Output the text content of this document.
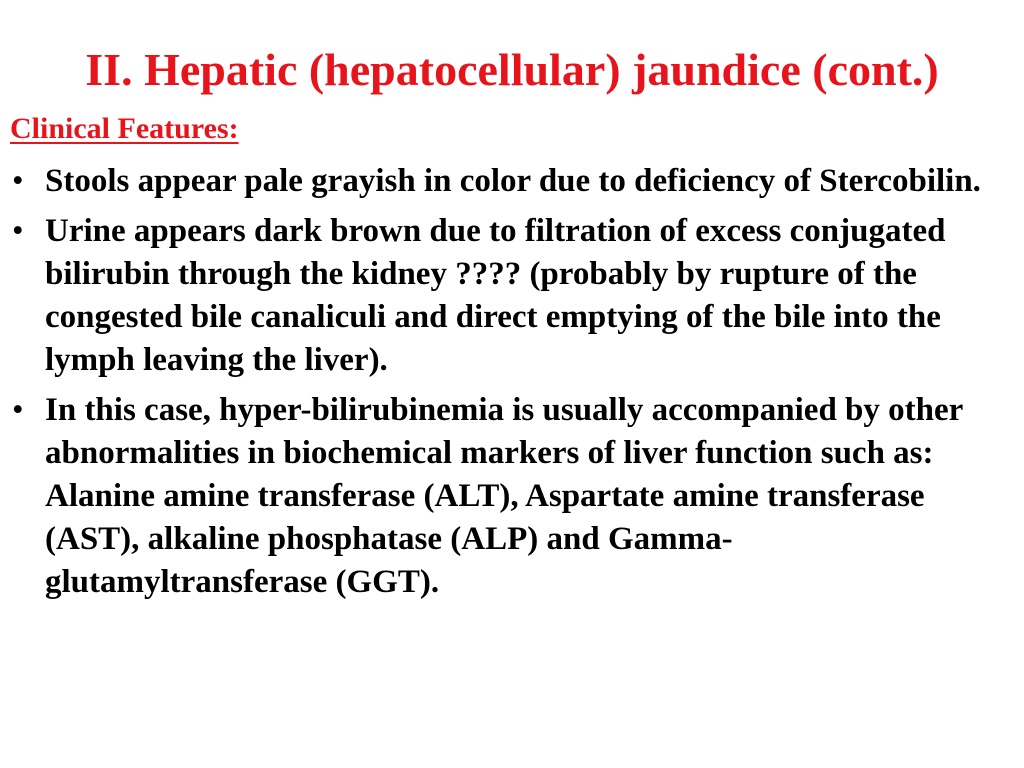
II. Hepatic (hepatocellular) jaundice (cont.)
Clinical Features:
• Stools appear pale grayish in color due to deficiency of Stercobilin.
• Urine appears dark brown due to filtration of excess conjugated bilirubin through the kidney ???? (probably by rupture of the congested bile canaliculi and direct emptying of the bile into the lymph leaving the liver).
• In this case, hyper-bilirubinemia is usually accompanied by other abnormalities in biochemical markers of liver function such as: Alanine amine transferase (ALT), Aspartate amine transferase (AST), alkaline phosphatase (ALP) and Gamma-glutamyltransferase (GGT).
